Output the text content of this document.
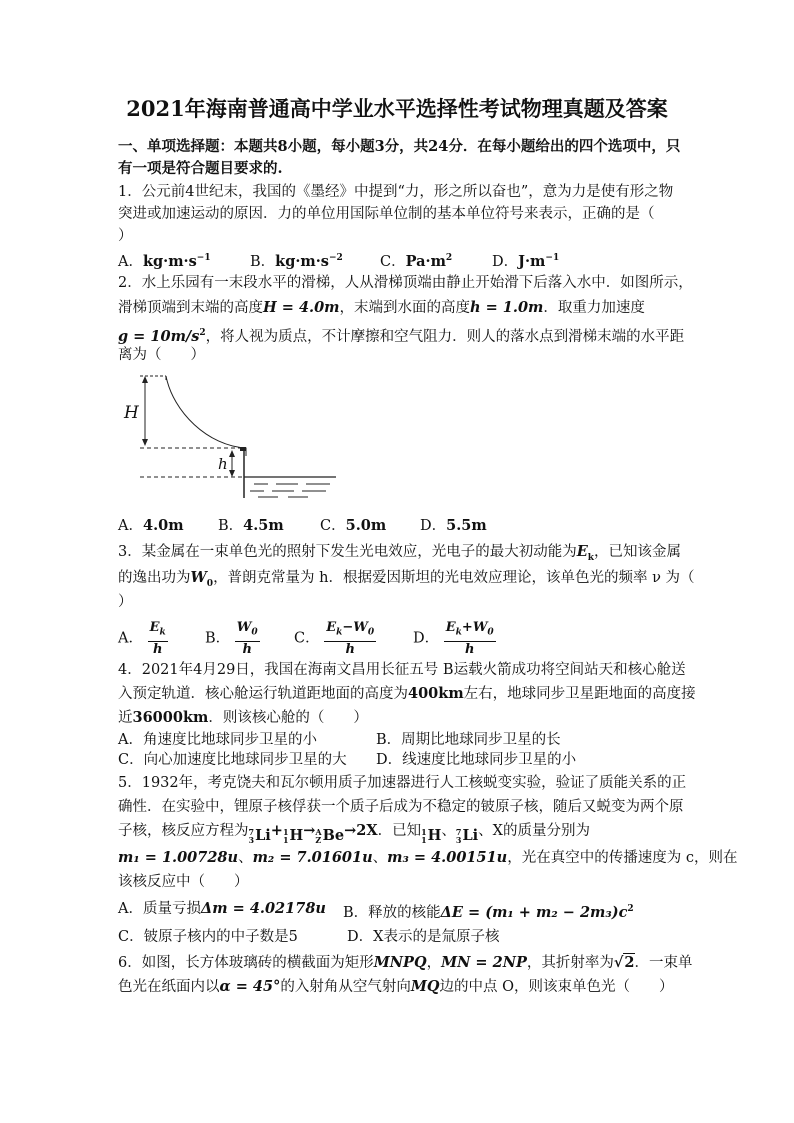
2021年海南普通高中学业水平选择性考试物理真题及答案
一、单项选择题：本题共8小题，每小题3分，共24分．在每小题给出的四个选项中，只
有一项是符合题目要求的.
1．公元前4世纪末，我国的《墨经》中提到“力，形之所以奋也”，意为力是使有形之物
突进或加速运动的原因．力的单位用国际单位制的基本单位符号来表示，正确的是（
）
A．$kg\cdot m\cdot s^{-1}$	B．$kg\cdot m\cdot s^{-2}$	C．$Pa\cdot m^2$	D．$J\cdot m^{-1}$
2．水上乐园有一末段水平的滑梯，人从滑梯顶端由静止开始滑下后落入水中．如图所示，
滑梯顶端到末端的高度H = 4.0m，末端到水面的高度h = 1.0m．取重力加速度
$g = 10m/s^2$，将人视为质点，不计摩擦和空气阻力．则人的落水点到滑梯末端的水平距
离为（　　）
H
h
A．4.0m B．4.5m	C．5.0m D．5.5m
3．某金属在一束单色光的照射下发生光电效应，光电子的最大初动能为$E_k$，已知该金属
的逸出功为$W_0$，普朗克常量为 h．根据爱因斯坦的光电效应理论，该单色光的频率 ν 为（
）
A． $\frac{E_k}{h}$	B． $\frac{W_0}{h}$ C． $\frac{E_k-W_0}{h}$	D． $\frac{E_k+W_0}{h}$
4．2021年4月29日，我国在海南文昌用长征五号 B运载火箭成功将空间站天和核心舱送
入预定轨道．核心舱运行轨道距地面的高度为400km左右，地球同步卫星距地面的高度接
近36000km．则该核心舱的（　　）
A．角速度比地球同步卫星的小	B．周期比地球同步卫星的长
C．向心加速度比地球同步卫星的大 D．线速度比地球同步卫星的小
5．1932年，考克饶夫和瓦尔顿用质子加速器进行人工核蜕变实验，验证了质能关系的正
确性．在实验中，锂原子核俘获一个质子后成为不稳定的铍原子核，随后又蜕变为两个原
子核，核反应方程为 7
3 Li + 1
1 H → A
Z Be →2X．已知 1
1 H 、 7
3 Li 、X的质量分别为
m₁ = 1.00728u、m₂ = 7.01601u、m₃ = 4.00151u，光在真空中的传播速度为 c，则在
该核反应中（　　）
A．质量亏损Δm = 4.02178u B．释放的核能$\Delta E = (m_1 + m_2 - 2m_3)c^2$
C．铍原子核内的中子数是5	D．X表示的是氚原子核
6．如图，长方体玻璃砖的横截面为矩形MNPQ，MN = 2NP，其折射率为√2．一束单
色光在纸面内以α = 45°的入射角从空气射向MQ边的中点 O，则该束单色光（　　）
